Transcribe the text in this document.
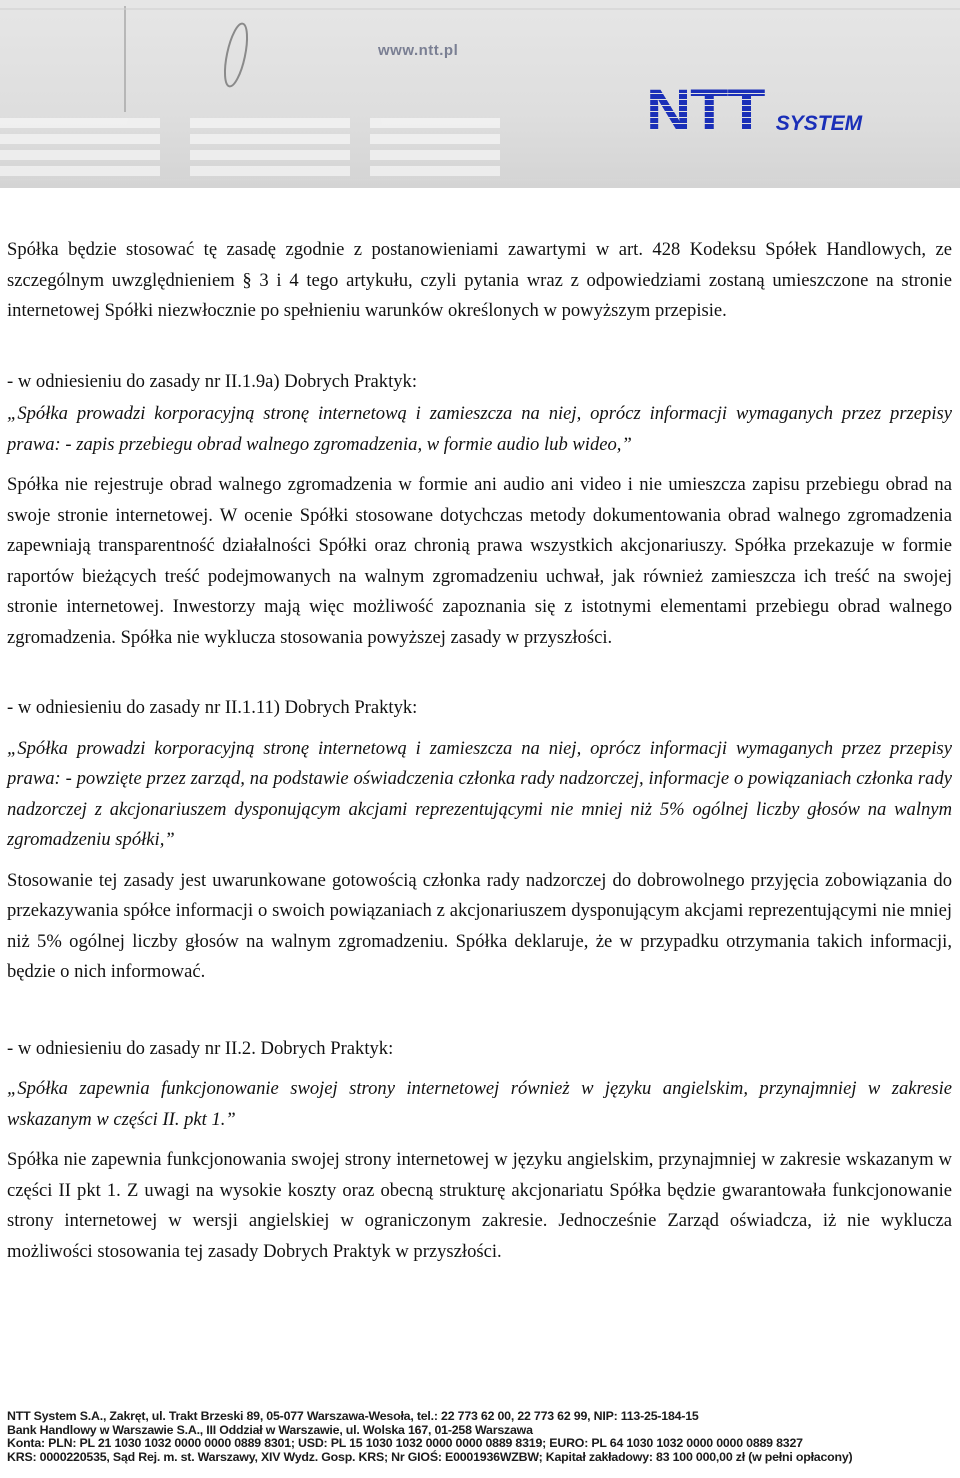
www.ntt.pl
NTT SYSTEM

Spółka będzie stosować tę zasadę zgodnie z postanowieniami zawartymi w art. 428 Kodeksu Spółek Handlowych, ze szczególnym uwzględnieniem § 3 i 4 tego artykułu, czyli pytania wraz z odpowiedziami zostaną umieszczone na stronie internetowej Spółki niezwłocznie po spełnieniu warunków określonych w powyższym przepisie.

- w odniesieniu do zasady nr II.1.9a) Dobrych Praktyk:

„Spółka prowadzi korporacyjną stronę internetową i zamieszcza na niej, oprócz informacji wymaganych przez przepisy prawa: - zapis przebiegu obrad walnego zgromadzenia, w formie audio lub wideo,”

Spółka nie rejestruje obrad walnego zgromadzenia w formie ani audio ani video i nie umieszcza zapisu przebiegu obrad na swoje stronie internetowej. W ocenie Spółki stosowane dotychczas metody dokumentowania obrad walnego zgromadzenia zapewniają transparentność działalności Spółki oraz chronią prawa wszystkich akcjonariuszy. Spółka przekazuje w formie raportów bieżących treść podejmowanych na walnym zgromadzeniu uchwał, jak również zamieszcza ich treść na swojej stronie internetowej. Inwestorzy mają więc możliwość zapoznania się z istotnymi elementami przebiegu obrad walnego zgromadzenia. Spółka nie wyklucza stosowania powyższej zasady w przyszłości.

- w odniesieniu do zasady nr II.1.11) Dobrych Praktyk:

„Spółka prowadzi korporacyjną stronę internetową i zamieszcza na niej, oprócz informacji wymaganych przez przepisy prawa: - powzięte przez zarząd, na podstawie oświadczenia członka rady nadzorczej, informacje o powiązaniach członka rady nadzorczej z akcjonariuszem dysponującym akcjami reprezentującymi nie mniej niż 5% ogólnej liczby głosów na walnym zgromadzeniu spółki,”

Stosowanie tej zasady jest uwarunkowane gotowością członka rady nadzorczej do dobrowolnego przyjęcia zobowiązania do przekazywania spółce informacji o swoich powiązaniach z akcjonariuszem dysponującym akcjami reprezentującymi nie mniej niż 5% ogólnej liczby głosów na walnym zgromadzeniu. Spółka deklaruje, że w przypadku otrzymania takich informacji, będzie o nich informować.

- w odniesieniu do zasady nr II.2. Dobrych Praktyk:

„Spółka zapewnia funkcjonowanie swojej strony internetowej również w języku angielskim, przynajmniej w zakresie wskazanym w części II. pkt 1.”

Spółka nie zapewnia funkcjonowania swojej strony internetowej w języku angielskim, przynajmniej w zakresie wskazanym w części II pkt 1. Z uwagi na wysokie koszty oraz obecną strukturę akcjonariatu Spółka będzie gwarantowała funkcjonowanie strony internetowej w wersji angielskiej w ograniczonym zakresie. Jednocześnie Zarząd oświadcza, iż nie wyklucza możliwości stosowania tej zasady Dobrych Praktyk w przyszłości.

NTT System S.A., Zakręt, ul. Trakt Brzeski 89, 05-077 Warszawa-Wesoła, tel.: 22 773 62 00, 22 773 62 99, NIP: 113-25-184-15
Bank Handlowy w Warszawie S.A., III Oddział w Warszawie, ul. Wolska 167, 01-258 Warszawa
Konta: PLN: PL 21 1030 1032 0000 0000 0889 8301; USD: PL 15 1030 1032 0000 0000 0889 8319; EURO: PL 64 1030 1032 0000 0000 0889 8327
KRS: 0000220535, Sąd Rej. m. st. Warszawy, XIV Wydz. Gosp. KRS; Nr GIOŚ: E0001936WZBW; Kapitał zakładowy: 83 100 000,00 zł (w pełni opłacony)
